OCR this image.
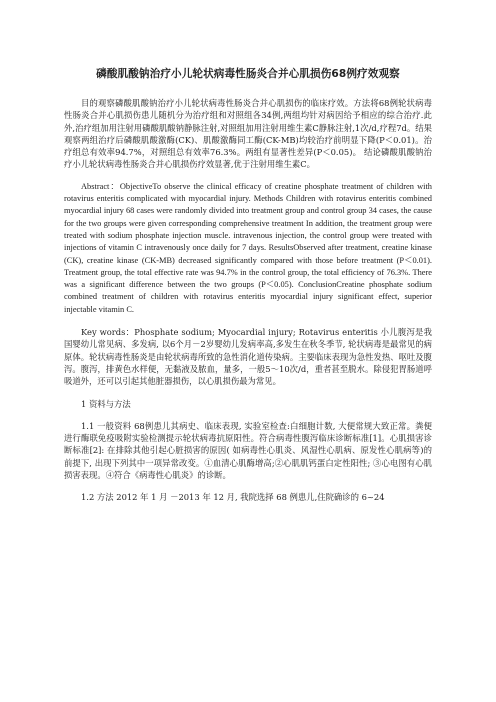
磷酸肌酸钠治疗小儿轮状病毒性肠炎合并心肌损伤68例疗效观察

目的观察磷酸肌酸钠治疗小儿轮状病毒性肠炎合并心肌损伤的临床疗效。方法将68例轮状病毒性肠炎合并心肌损伤患儿随机分为治疗组和对照组各34例,两组均针对病因给予相应的综合治疗.此外,治疗组加用注射用磷酸肌酸钠静脉注射,对照组加用注射用维生素C静脉注射,1次/d,疗程7d。结果观察两组治疗后磷酸肌酸激酶(CK)、肌酸激酶同工酶(CK-MB)均较治疗前明显下降(P＜0.01)。治疗组总有效率94.7%，对照组总有效率76.3%。两组有显著性差异(P＜0.05)。 结论磷酸肌酸钠治疗小儿轮状病毒性肠炎合并心肌损伤疗效显著,优于注射用维生素C。

Abstract：ObjectiveTo observe the clinical efficacy of creatine phosphate treatment of children with rotavirus enteritis complicated with myocardial injury. Methods Children with rotavirus enteritis combined myocardial injury 68 cases were randomly divided into treatment group and control group 34 cases, the cause for the two groups were given corresponding comprehensive treatment In addition, the treatment group were treated with sodium phosphate injection muscle. intravenous injection, the control group were treated with injections of vitamin C intravenously once daily for 7 days. ResultsObserved after treatment, creatine kinase (CK), creatine kinase (CK-MB) decreased significantly compared with those before treatment (P＜0.01). Treatment group, the total effective rate was 94.7% in the control group, the total efficiency of 76.3%. There was a significant difference between the two groups (P＜0.05). ConclusionCreatine phosphate sodium combined treatment of children with rotavirus enteritis myocardial injury significant effect, superior injectable vitamin C.

Key words：Phosphate sodium; Myocardial injury; Rotavirus enteritis 小儿腹泻是我国婴幼儿常见病、多发病, 以6个月－2岁婴幼儿发病率高,多发生在秋冬季节, 轮状病毒是最常见的病原体。轮状病毒性肠炎是由轮状病毒所致的急性消化道传染病。主要临床表现为急性发热、呕吐及腹泻。腹泻，排黄色水样便，无黏液及脓血，量多，一般5～10次/d，重者甚至脱水。除侵犯胃肠道呼吸道外，还可以引起其他脏器损伤，以心肌损伤最为常见。

1 资料与方法

1.1 一般资料 68例患儿其病史、临床表现, 实验室检查:白细胞计数, 大便常规大致正常。粪便进行酶联免疫吸附实验检测提示轮状病毒抗原阳性。符合病毒性腹泻临床诊断标准[1]。心肌损害诊断标准[2]: 在排除其他引起心脏损害的原因( 如病毒性心肌炎、风湿性心肌病、原发性心肌病等)的前提下, 出现下列其中一项异常改变。①血清心肌酶增高;②心肌肌钙蛋白定性阳性; ③心电图有心肌损害表现。④符合《病毒性心肌炎》的诊断。

1.2 方法 2012 年 1 月 －2013 年 12 月, 我院选择 68 例患儿,住院确诊的 6~24
